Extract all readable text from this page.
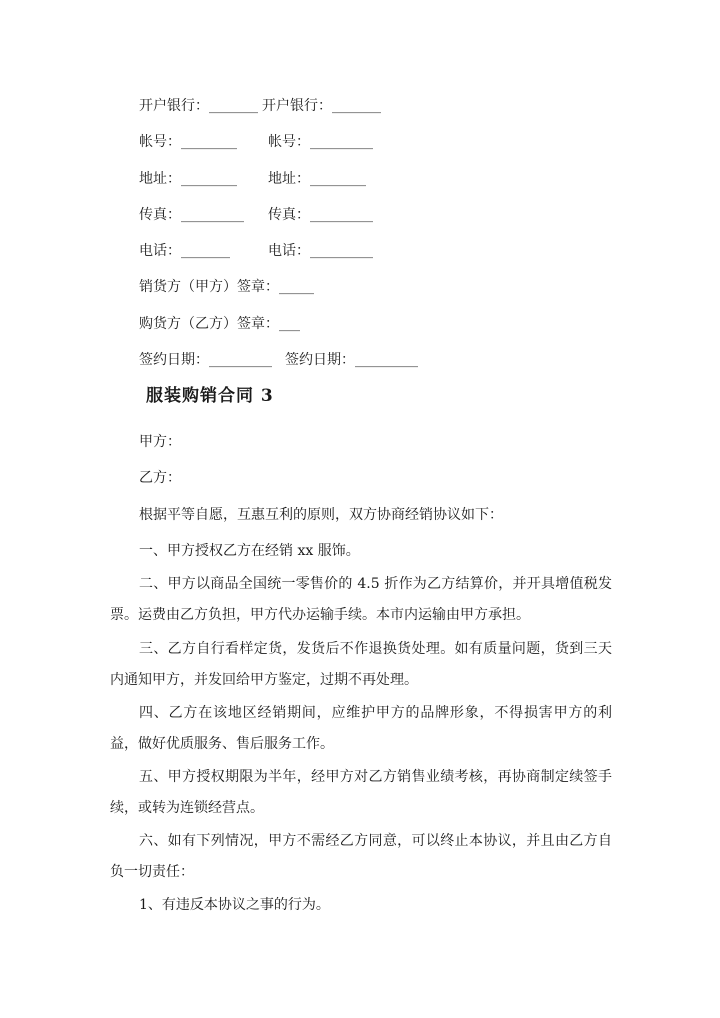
开户银行：_______ 开户银行：_______
帐号：________ 帐号：_________
地址：________ 地址：________
传真：_________ 传真：_________
电话：_______	电话：_________
销货方（甲方）签章：_____
购货方（乙方）签章：___
签约日期：_________ 签约日期：_________
服装购销合同 3
甲方：
乙方：
根据平等自愿，互惠互利的原则，双方协商经销协议如下：
一、甲方授权乙方在经销 xx 服饰。
二、甲方以商品全国统一零售价的 4.5 折作为乙方结算价，并开具增值税发票。运费由乙方负担，甲方代办运输手续。本市内运输由甲方承担。
三、乙方自行看样定货，发货后不作退换货处理。如有质量问题，货到三天内通知甲方，并发回给甲方鉴定，过期不再处理。
四、乙方在该地区经销期间，应维护甲方的品牌形象，不得损害甲方的利益，做好优质服务、售后服务工作。
五、甲方授权期限为半年，经甲方对乙方销售业绩考核，再协商制定续签手续，或转为连锁经营点。
六、如有下列情况，甲方不需经乙方同意，可以终止本协议，并且由乙方自负一切责任：
1、有违反本协议之事的行为。
